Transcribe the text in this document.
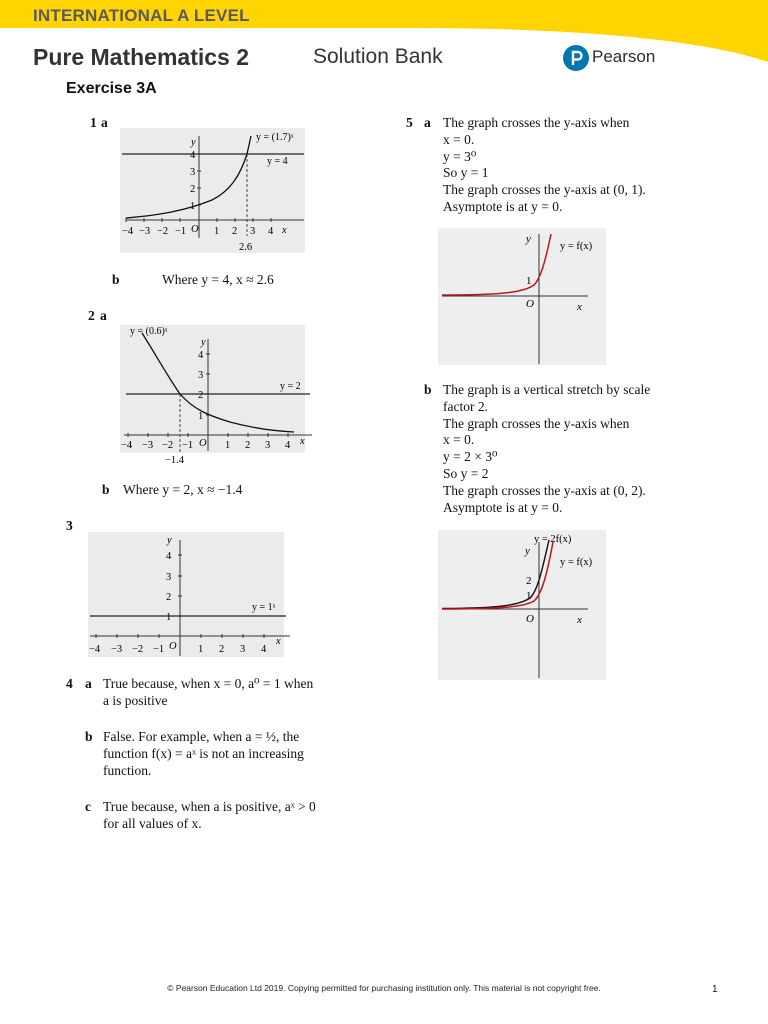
INTERNATIONAL A LEVEL
Pure Mathematics 2	Solution Bank	Pearson
Exercise 3A
1 a
−4 −3 −2 −1	1 2 3 4
1
2
3
4
y
x
O
y = (1.7)ˣ
y = 4
2.6
b	Where y = 4, x ≈ 2.6
2 a
−4 −3 −2 −1	1 2 3 4
1
2
3
4
y
x
O
y = (0.6)ˣ
y = 2
−1.4
b Where y = 2, x ≈ −1.4
3
−4 −3 −2 −1	1 2 3 4
1
2
3
4
y
x
O
y = 1ˣ
4 a True because, when x = 0, a⁰ = 1 when
a is positive
b False. For example, when a = ½, the
function f(x) = aˣ is not an increasing
function.
c True because, when a is positive, aˣ > 0
for all values of x.
5 a The graph crosses the y-axis when
x = 0.
y = 3⁰
So y = 1
The graph crosses the y-axis at (0, 1).
Asymptote is at y = 0.
y
x
O
1
y = f(x)
b The graph is a vertical stretch by scale
factor 2.
The graph crosses the y-axis when
x = 0.
y = 2 × 3⁰
So y = 2
The graph crosses the y-axis at (0, 2).
Asymptote is at y = 0.
y
x
O
1
2
y = 2f(x)
y = f(x)
© Pearson Education Ltd 2019. Copying permitted for purchasing institution only. This material is not copyright free.	1
